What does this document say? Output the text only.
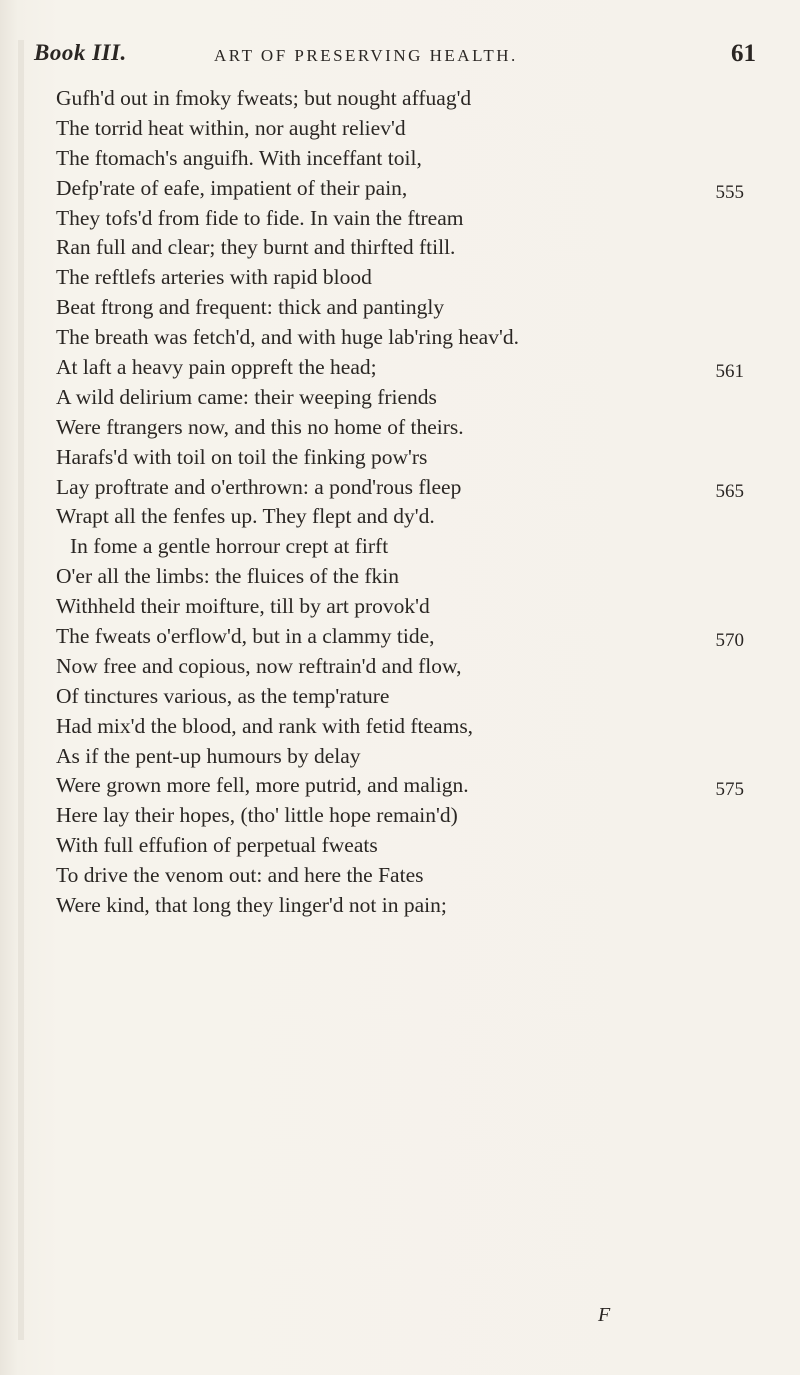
Book III.	ART OF PRESERVING HEALTH.	61
Gufh'd out in fmoky fweats; but nought affuag'd
The torrid heat within, nor aught reliev'd
The ftomach's anguifh. With inceffant toil,
Defp'rate of eafe, impatient of their pain,	555
They tofs'd from fide to fide. In vain the ftream
Ran full and clear; they burnt and thirfted ftill.
The reftlefs arteries with rapid blood
Beat ftrong and frequent: thick and pantingly
The breath was fetch'd, and with huge lab'ring heav'd.
At laft a heavy pain oppreft the head;	561
A wild delirium came: their weeping friends
Were ftrangers now, and this no home of theirs.
Harafs'd with toil on toil the finking pow'rs
Lay proftrate and o'erthrown: a pond'rous fleep	565
Wrapt all the fenfes up. They flept and dy'd.
In fome a gentle horrour crept at firft
O'er all the limbs: the fluices of the fkin
Withheld their moifture, till by art provok'd
The fweats o'erflow'd, but in a clammy tide,	570
Now free and copious, now reftrain'd and flow,
Of tinctures various, as the temp'rature
Had mix'd the blood, and rank with fetid fteams,
As if the pent-up humours by delay
Were grown more fell, more putrid, and malign.	575
Here lay their hopes, (tho' little hope remain'd)
With full effufion of perpetual fweats
To drive the venom out: and here the Fates
Were kind, that long they linger'd not in pain;
F
